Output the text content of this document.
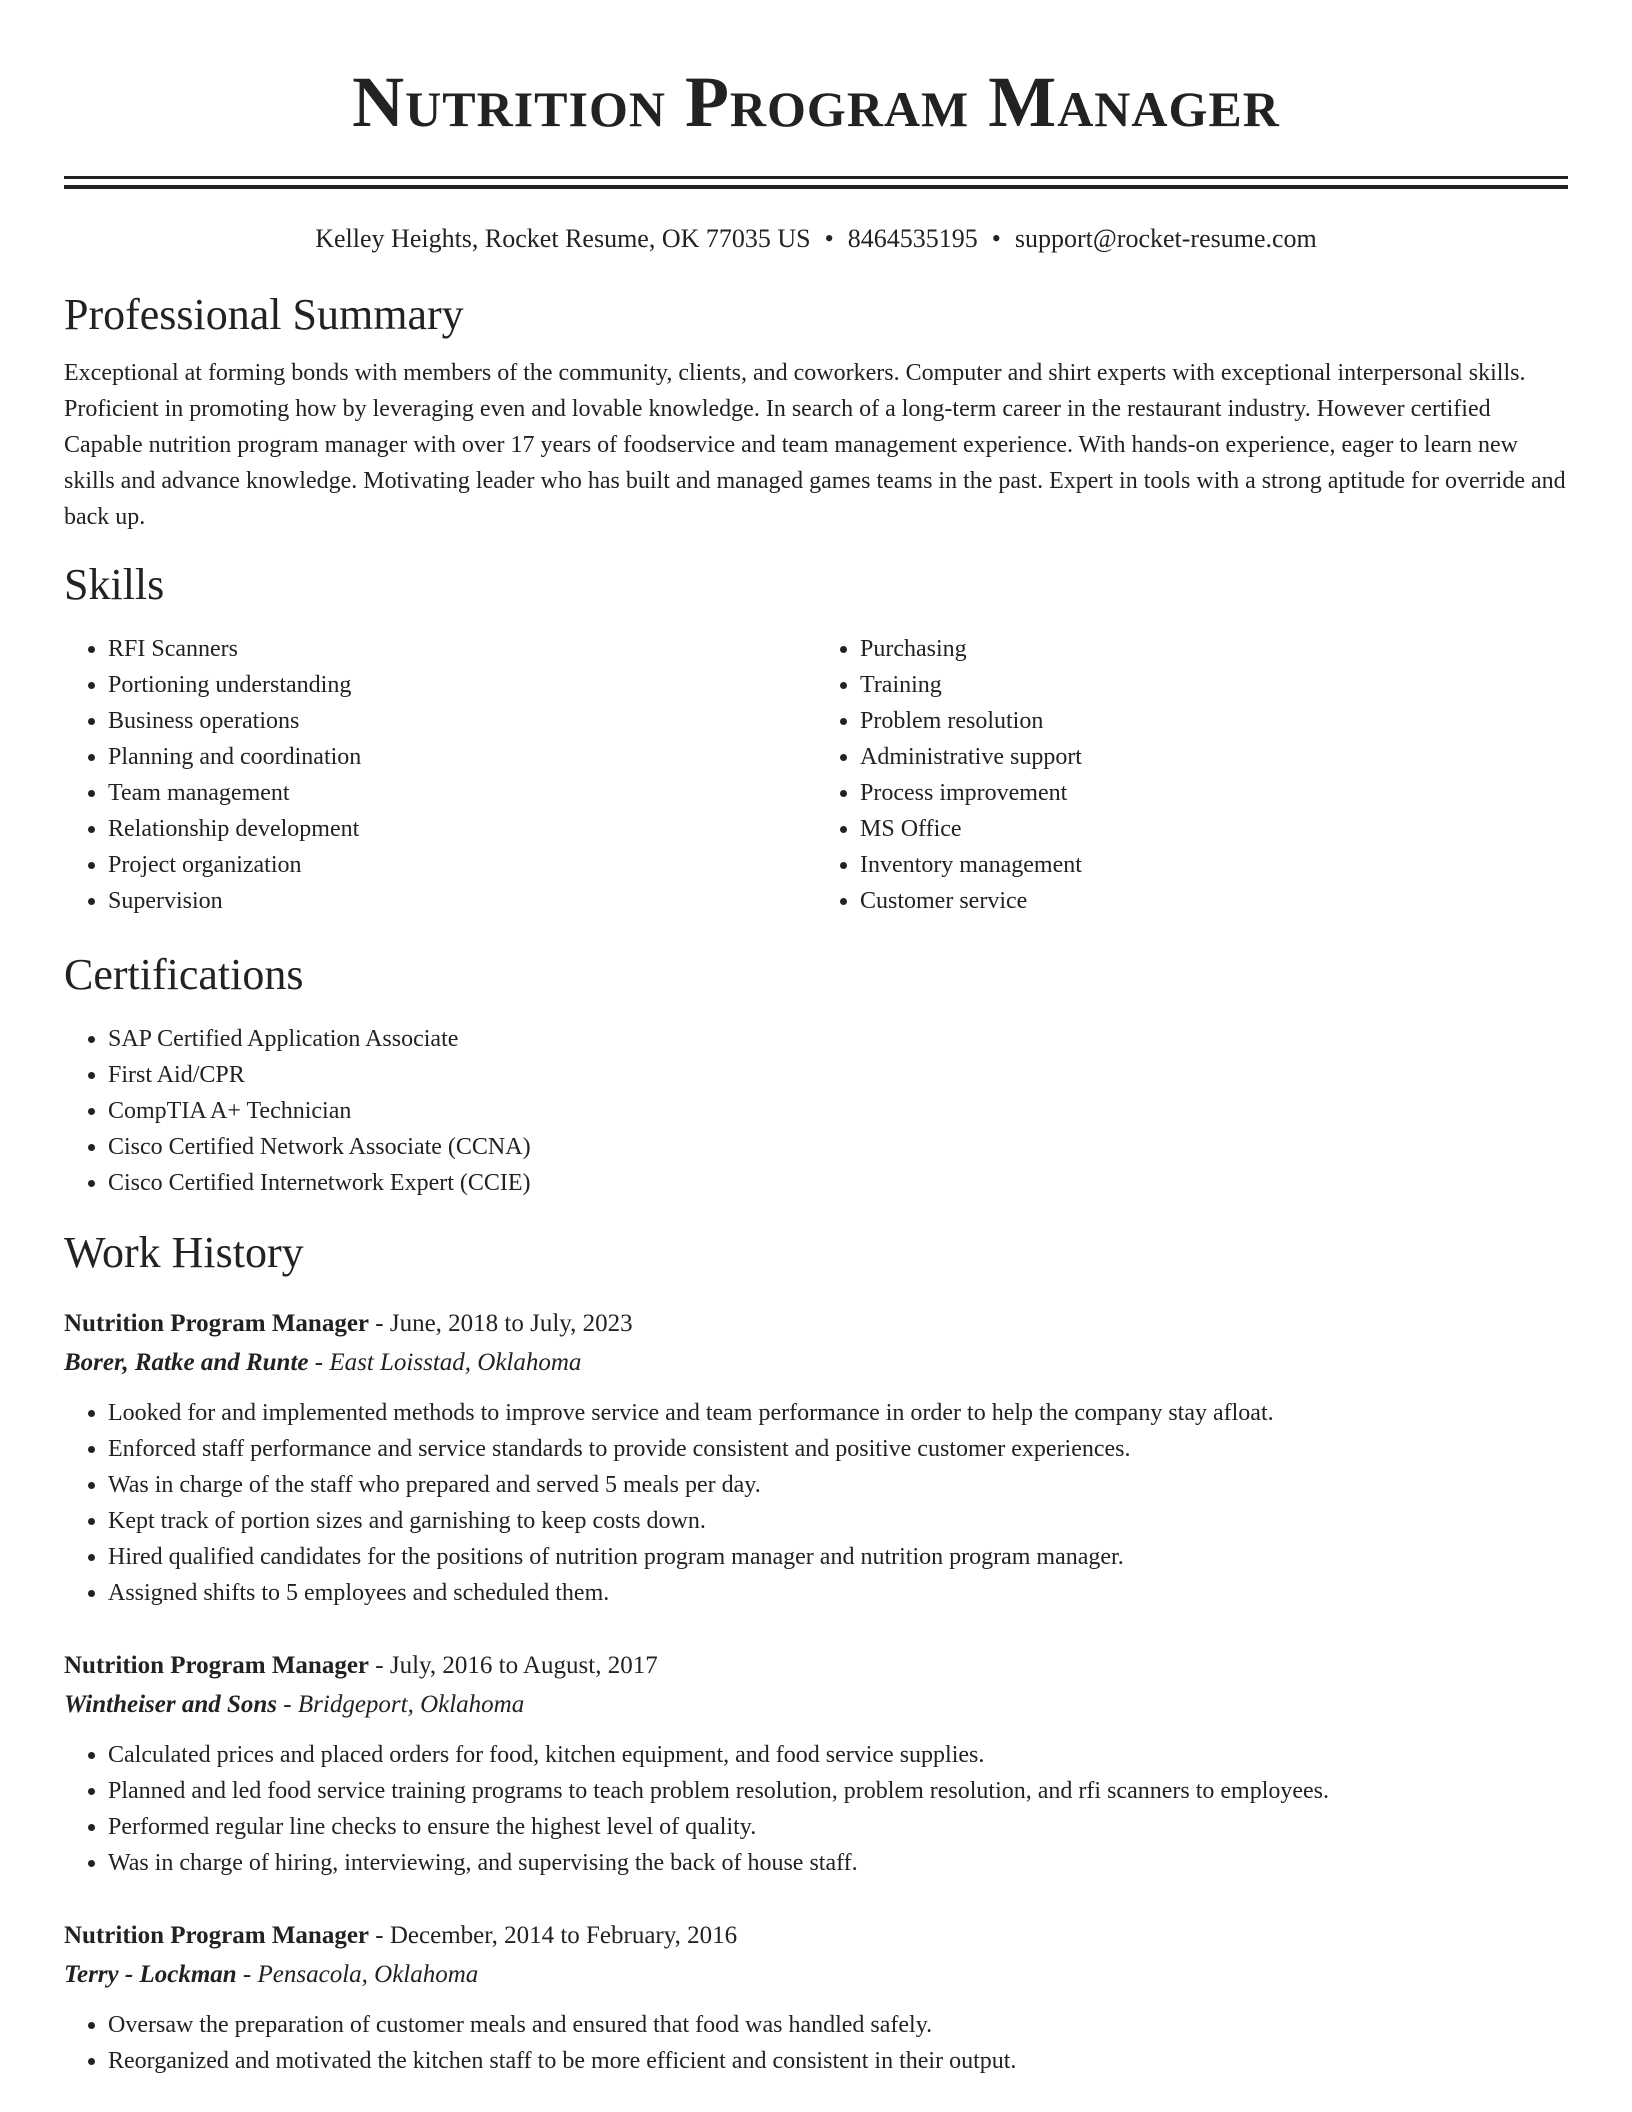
Nutrition Program Manager
Kelley Heights, Rocket Resume, OK 77035 US • 8464535195 • support@rocket-resume.com
Professional Summary

Exceptional at forming bonds with members of the community, clients, and coworkers. Computer and shirt experts with exceptional interpersonal skills. Proficient in promoting how by leveraging even and lovable knowledge. In search of a long-term career in the restaurant industry. However certified Capable nutrition program manager with over 17 years of foodservice and team management experience. With hands-on experience, eager to learn new skills and advance knowledge. Motivating leader who has built and managed games teams in the past. Expert in tools with a strong aptitude for override and back up.

Skills
• RFI Scanners
• Portioning understanding
• Business operations
• Planning and coordination
• Team management
• Relationship development
• Project organization
• Supervision
• Purchasing
• Training
• Problem resolution
• Administrative support
• Process improvement
• MS Office
• Inventory management
• Customer service
Certifications
• SAP Certified Application Associate
• First Aid/CPR
• CompTIA A+ Technician
• Cisco Certified Network Associate (CCNA)
• Cisco Certified Internetwork Expert (CCIE)
Work History
Nutrition Program Manager - June, 2018 to July, 2023
Borer, Ratke and Runte - East Loisstad, Oklahoma
• Looked for and implemented methods to improve service and team performance in order to help the company stay afloat.
• Enforced staff performance and service standards to provide consistent and positive customer experiences.
• Was in charge of the staff who prepared and served 5 meals per day.
• Kept track of portion sizes and garnishing to keep costs down.
• Hired qualified candidates for the positions of nutrition program manager and nutrition program manager.
• Assigned shifts to 5 employees and scheduled them.
Nutrition Program Manager - July, 2016 to August, 2017
Wintheiser and Sons - Bridgeport, Oklahoma
• Calculated prices and placed orders for food, kitchen equipment, and food service supplies.
• Planned and led food service training programs to teach problem resolution, problem resolution, and rfi scanners to employees.
• Performed regular line checks to ensure the highest level of quality.
• Was in charge of hiring, interviewing, and supervising the back of house staff.
Nutrition Program Manager - December, 2014 to February, 2016
Terry - Lockman - Pensacola, Oklahoma
• Oversaw the preparation of customer meals and ensured that food was handled safely.
• Reorganized and motivated the kitchen staff to be more efficient and consistent in their output.
